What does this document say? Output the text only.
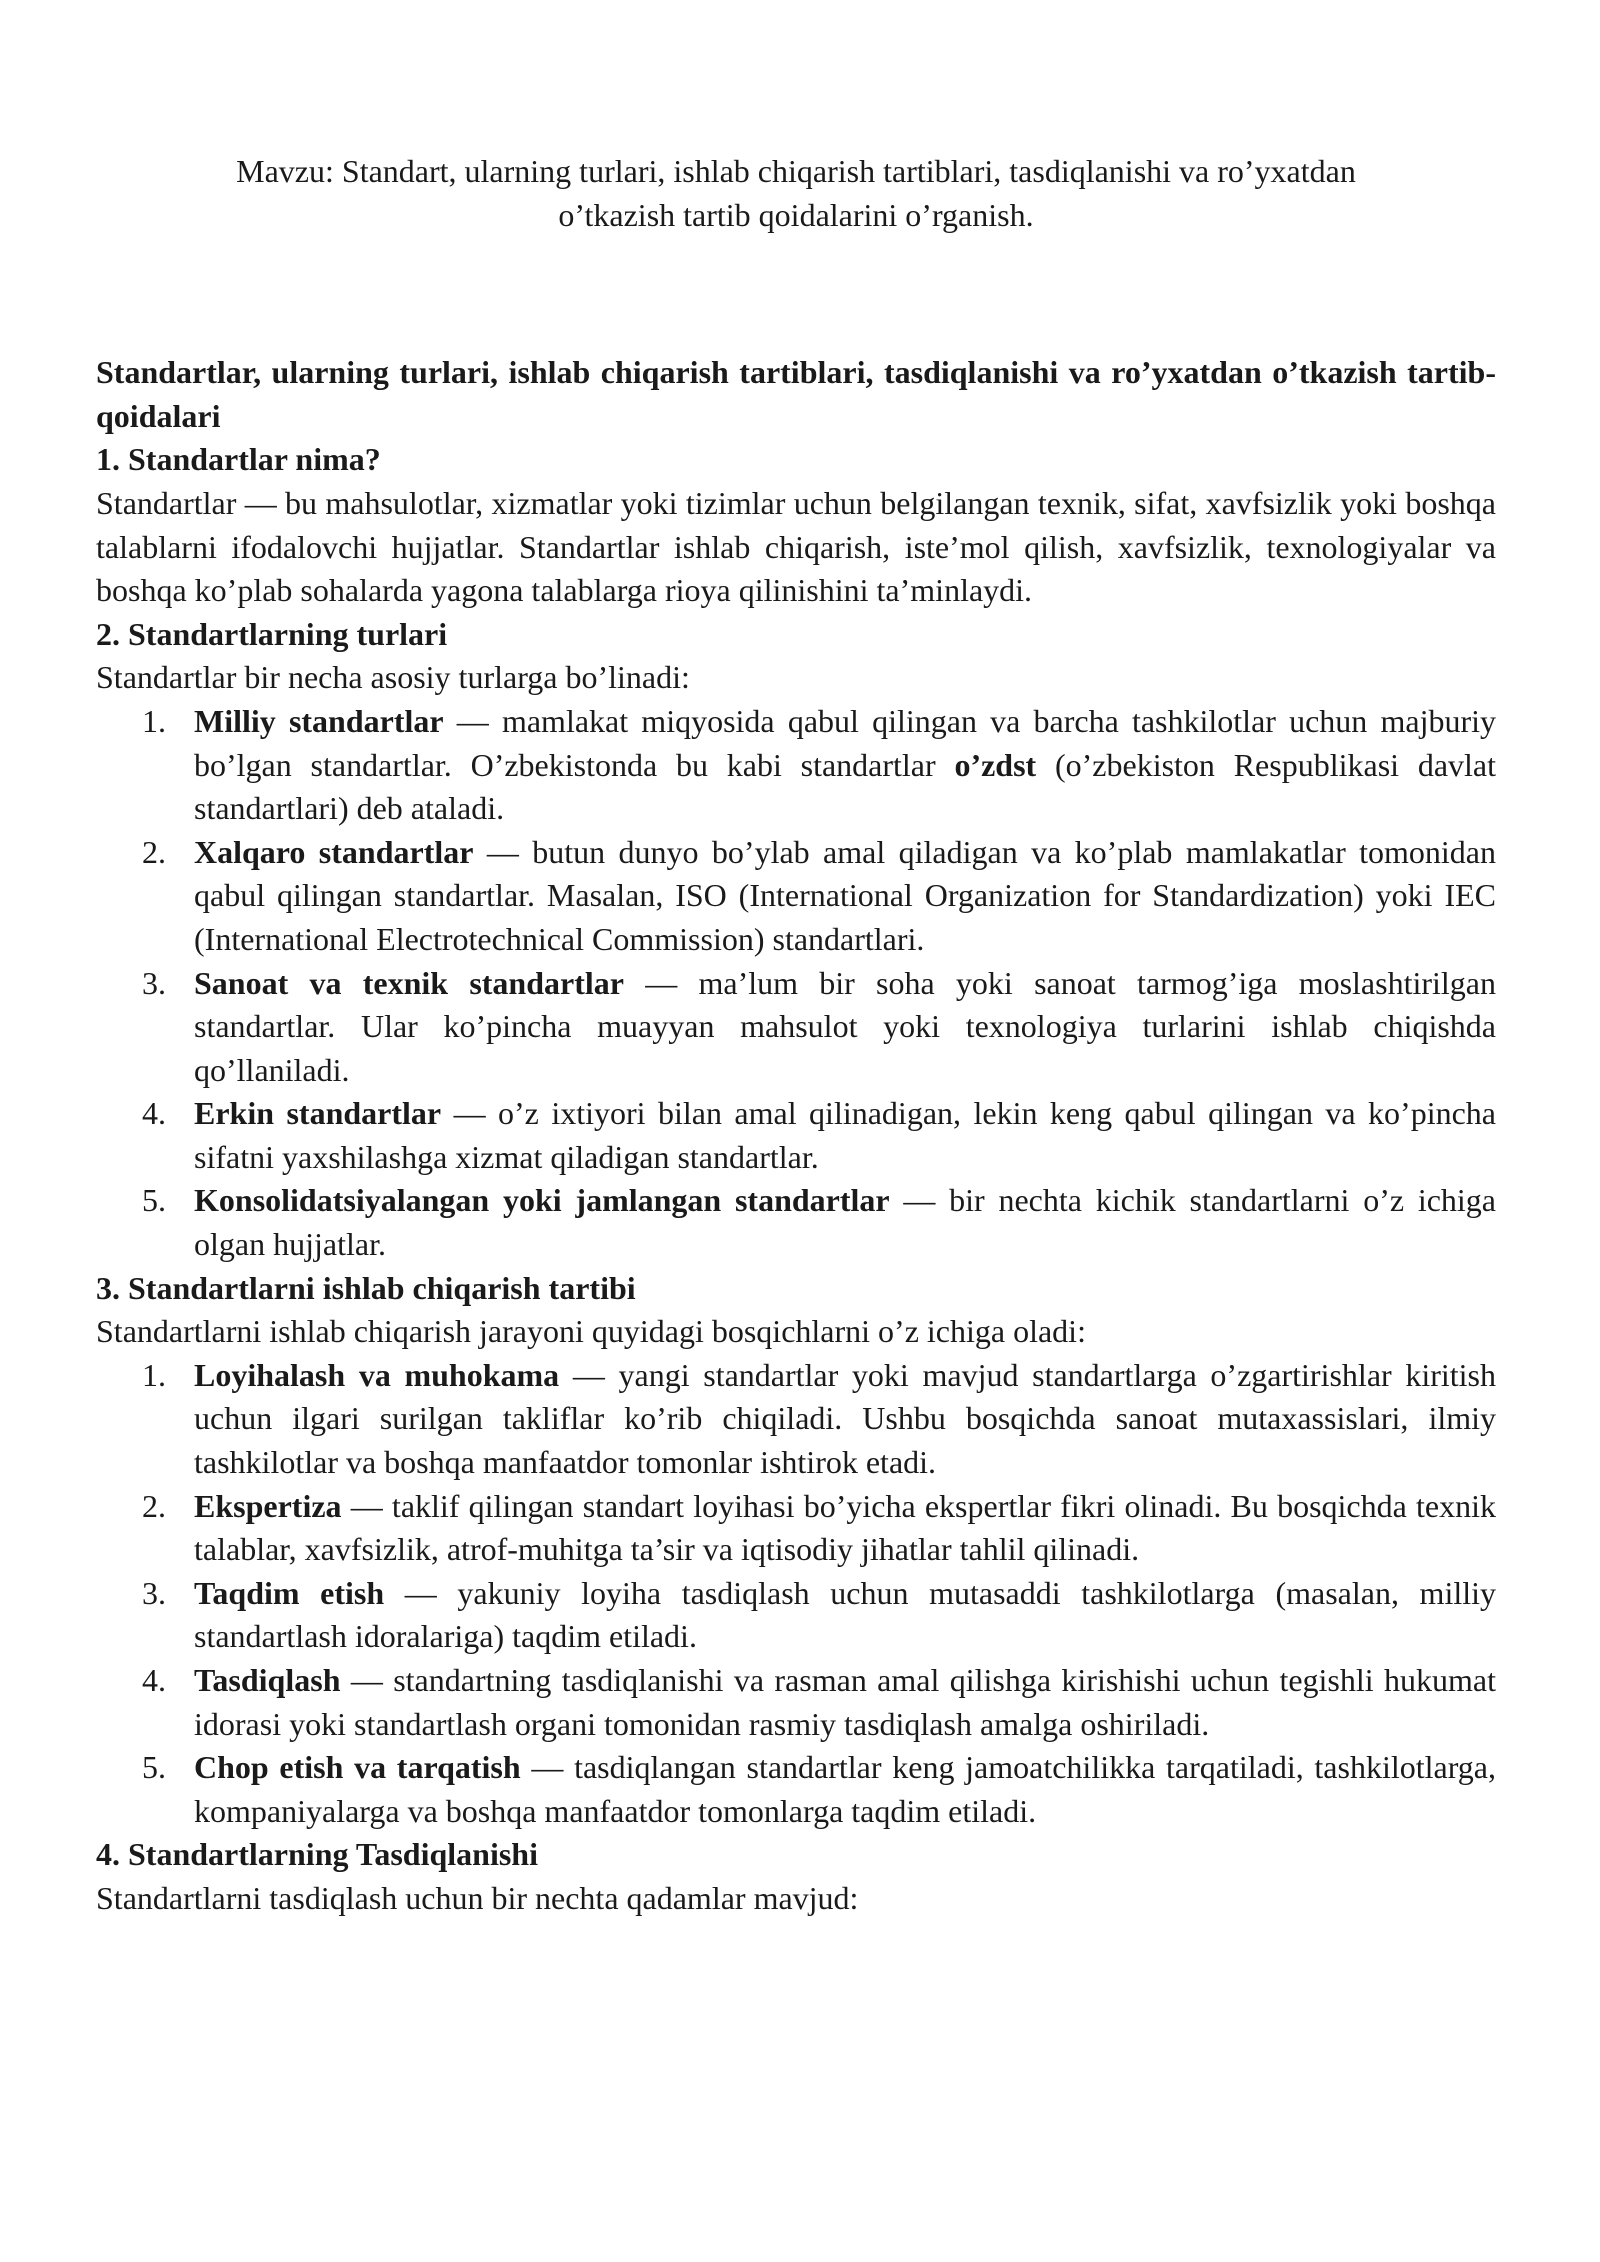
Mavzu: Standart, ularning turlari, ishlab chiqarish tartiblari, tasdiqlanishi va ro’yxatdan
o’tkazish tartib qoidalarini o’rganish.

Standartlar, ularning turlari, ishlab chiqarish tartiblari, tasdiqlanishi va ro’yxatdan o’tkazish tartib-qoidalari

1. Standartlar nima?

Standartlar — bu mahsulotlar, xizmatlar yoki tizimlar uchun belgilangan texnik, sifat, xavfsizlik yoki boshqa talablarni ifodalovchi hujjatlar. Standartlar ishlab chiqarish, iste’mol qilish, xavfsizlik, texnologiyalar va boshqa ko’plab sohalarda yagona talablarga rioya qilinishini ta’minlaydi.

2. Standartlarning turlari

Standartlar bir necha asosiy turlarga bo’linadi:

1. Milliy standartlar — mamlakat miqyosida qabul qilingan va barcha tashkilotlar uchun majburiy bo’lgan standartlar. O’zbekistonda bu kabi standartlar o’zdst (o’zbekiston Respublikasi davlat standartlari) deb ataladi.
2. Xalqaro standartlar — butun dunyo bo’ylab amal qiladigan va ko’plab mamlakatlar tomonidan qabul qilingan standartlar. Masalan, ISO (International Organization for Standardization) yoki IEC (International Electrotechnical Commission) standartlari.
3. Sanoat va texnik standartlar — ma’lum bir soha yoki sanoat tarmog’iga moslashtirilgan standartlar. Ular ko’pincha muayyan mahsulot yoki texnologiya turlarini ishlab chiqishda qo’llaniladi.
4. Erkin standartlar — o’z ixtiyori bilan amal qilinadigan, lekin keng qabul qilingan va ko’pincha sifatni yaxshilashga xizmat qiladigan standartlar.
5. Konsolidatsiyalangan yoki jamlangan standartlar — bir nechta kichik standartlarni o’z ichiga olgan hujjatlar.

3. Standartlarni ishlab chiqarish tartibi

Standartlarni ishlab chiqarish jarayoni quyidagi bosqichlarni o’z ichiga oladi:

1. Loyihalash va muhokama — yangi standartlar yoki mavjud standartlarga o’zgartirishlar kiritish uchun ilgari surilgan takliflar ko’rib chiqiladi. Ushbu bosqichda sanoat mutaxassislari, ilmiy tashkilotlar va boshqa manfaatdor tomonlar ishtirok etadi.
2. Ekspertiza — taklif qilingan standart loyihasi bo’yicha ekspertlar fikri olinadi. Bu bosqichda texnik talablar, xavfsizlik, atrof-muhitga ta’sir va iqtisodiy jihatlar tahlil qilinadi.
3. Taqdim etish — yakuniy loyiha tasdiqlash uchun mutasaddi tashkilotlarga (masalan, milliy standartlash idoralariga) taqdim etiladi.
4. Tasdiqlash — standartning tasdiqlanishi va rasman amal qilishga kirishishi uchun tegishli hukumat idorasi yoki standartlash organi tomonidan rasmiy tasdiqlash amalga oshiriladi.
5. Chop etish va tarqatish — tasdiqlangan standartlar keng jamoatchilikka tarqatiladi, tashkilotlarga, kompaniyalarga va boshqa manfaatdor tomonlarga taqdim etiladi.

4. Standartlarning Tasdiqlanishi

Standartlarni tasdiqlash uchun bir nechta qadamlar mavjud:
